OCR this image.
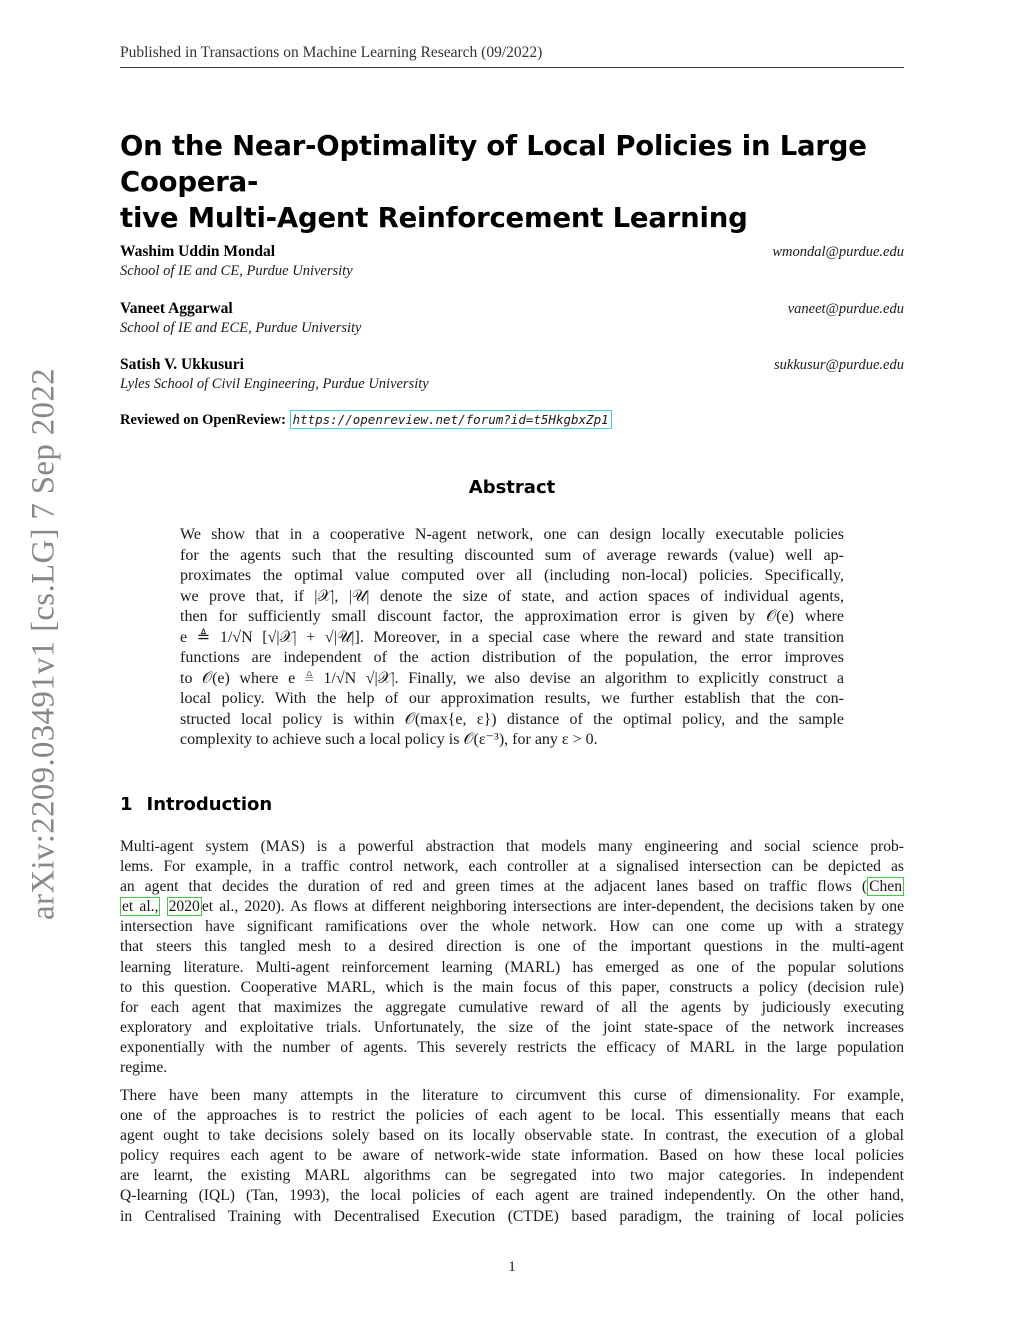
Published in Transactions on Machine Learning Research (09/2022)
arXiv:2209.03491v1 [cs.LG] 7 Sep 2022
On the Near-Optimality of Local Policies in Large Coopera-
tive Multi-Agent Reinforcement Learning
Washim Uddin Mondal
School of IE and CE, Purdue University
wmondal@purdue.edu
Vaneet Aggarwal
School of IE and ECE, Purdue University
vaneet@purdue.edu
Satish V. Ukkusuri
Lyles School of Civil Engineering, Purdue University
sukkusur@purdue.edu
Reviewed on OpenReview: https://openreview.net/forum?id=t5HkgbxZp1
Abstract
We show that in a cooperative N-agent network, one can design locally executable policies
for the agents such that the resulting discounted sum of average rewards (value) well ap-
proximates the optimal value computed over all (including non-local) policies. Specifically,
we prove that, if |𝒳|, |𝒰| denote the size of state, and action spaces of individual agents,
then for sufficiently small discount factor, the approximation error is given by 𝒪(e) where
e ≜ 1/√N [√|𝒳| + √|𝒰|]. Moreover, in a special case where the reward and state transition
functions are independent of the action distribution of the population, the error improves
to 𝒪(e) where e ≜ 1/√N √|𝒳|. Finally, we also devise an algorithm to explicitly construct a
local policy. With the help of our approximation results, we further establish that the con-
structed local policy is within 𝒪(max{e, ε}) distance of the optimal policy, and the sample
complexity to achieve such a local policy is 𝒪(ε⁻³), for any ε > 0.
1 Introduction
Multi-agent system (MAS) is a powerful abstraction that models many engineering and social science prob-
lems. For example, in a traffic control network, each controller at a signalised intersection can be depicted as
an agent that decides the duration of red and green times at the adjacent lanes based on traffic flows ( Chen
et al., 2020 et al., 2020). As flows at different neighboring intersections are inter-dependent, the decisions taken by one
intersection have significant ramifications over the whole network. How can one come up with a strategy
that steers this tangled mesh to a desired direction is one of the important questions in the multi-agent
learning literature. Multi-agent reinforcement learning (MARL) has emerged as one of the popular solutions
to this question. Cooperative MARL, which is the main focus of this paper, constructs a policy (decision rule)
for each agent that maximizes the aggregate cumulative reward of all the agents by judiciously executing
exploratory and exploitative trials. Unfortunately, the size of the joint state-space of the network increases
exponentially with the number of agents. This severely restricts the efficacy of MARL in the large population
regime.
There have been many attempts in the literature to circumvent this curse of dimensionality. For example,
one of the approaches is to restrict the policies of each agent to be local. This essentially means that each
agent ought to take decisions solely based on its locally observable state. In contrast, the execution of a global
policy requires each agent to be aware of network-wide state information. Based on how these local policies
are learnt, the existing MARL algorithms can be segregated into two major categories. In independent
Q-learning (IQL) (Tan, 1993), the local policies of each agent are trained independently. On the other hand,
in Centralised Training with Decentralised Execution (CTDE) based paradigm, the training of local policies
1
